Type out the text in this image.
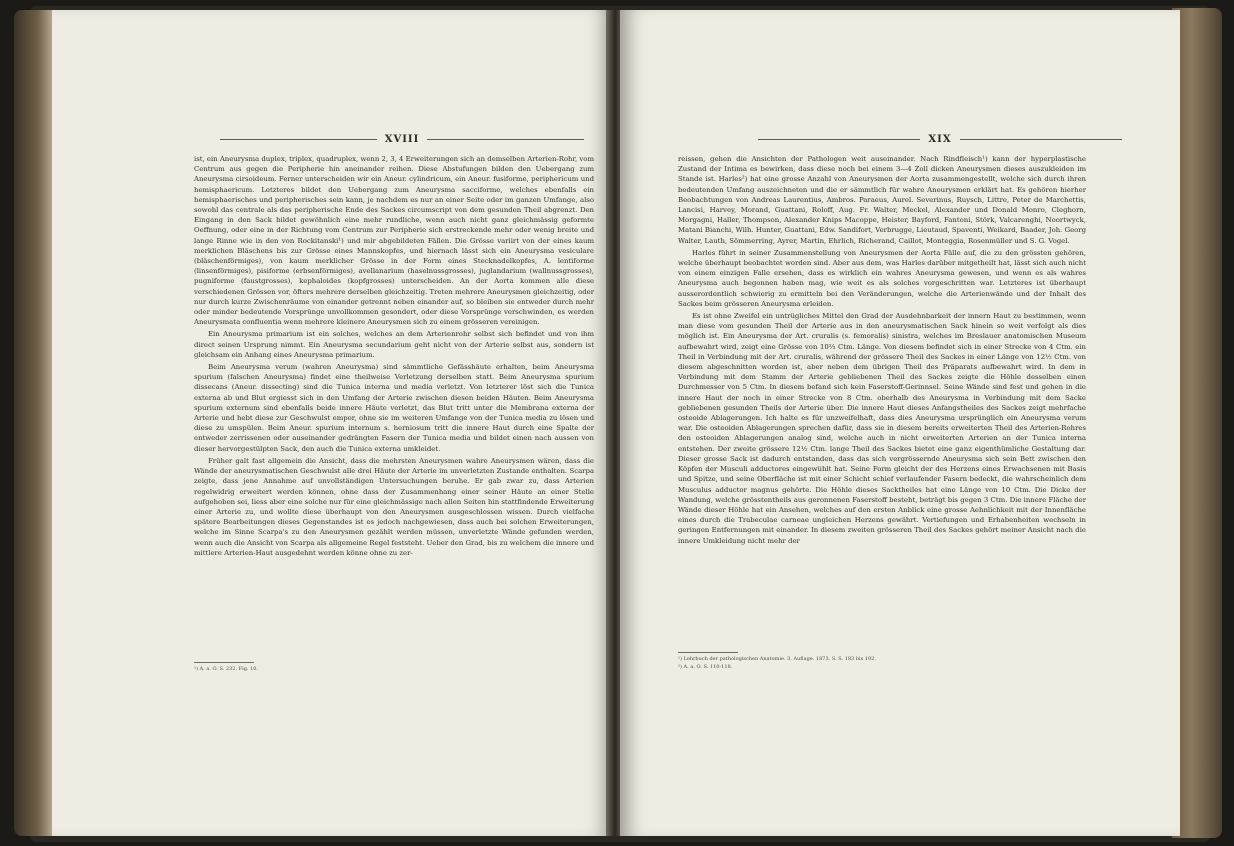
XVIII

ist, ein Aneurysma duplex, triplex, quadruplex, wenn 2, 3, 4 Erweiterungen sich an demselben Arterien-Rohr, vom Centrum aus gegen die Peripherie hin aneinander reihen. Diese Abstufungen bilden den Uebergang zum Aneurysma cirsoideum. Ferner unterscheiden wir ein Aneur. cylindricum, ein Aneur. fusiforme, periphericum und hemisphaericum. Letzteres bildet den Uebergang zum Aneurysma sacciforme, welches ebenfalls ein hemisphaerisches und peripherisches sein kann, je nachdem es nur an einer Seite oder im ganzen Umfange, also sowohl das centrale als das peripherische Ende des Sackes circumscript von dem gesunden Theil abgrenzt. Den Eingang in den Sack bildet gewöhnlich eine mehr rundliche, wenn auch nicht ganz gleichmässig geformte Oeffnung, oder eine in der Richtung vom Centrum zur Peripherie sich erstreckende mehr oder wenig breite und lange Rinne wie in den von Rockitanski¹) und mir abgebildeten Fällen. Die Grösse variirt von der eines kaum merklichen Bläschens bis zur Grösse eines Mannskopfes, und hiernach lässt sich ein Aneurysma vesiculare (bläschenförmiges), von kaum merklicher Grösse in der Form eines Stecknadelkopfes, A. lentiforme (linsenförmiges), pisiforme (erbsenförmiges), avellanarium (haselnussgrosses), juglandarium (wallnussgrosses), pugniforme (faustgrosses), kephaloides (kopfgrosses) unterscheiden. An der Aorta kommen alle diese verschiedenen Grössen vor, öfters mehrere derselben gleichzeitig. Treten mehrere Aneurysmen gleichzeitig, oder nur durch kurze Zwischenräume von einander getrennt neben einander auf, so bleiben sie entweder durch mehr oder minder bedeutende Vorsprünge unvollkommen gesondert, oder diese Vorsprünge verschwinden, es werden Aneurysmata confluentia wenn mehrere kleinere Aneurysmen sich zu einem grösseren vereinigen.

Ein Aneurysma primarium ist ein solches, welches an dem Arterienrohr selbst sich befindet und von ihm direct seinen Ursprung nimmt. Ein Aneurysma secundarium geht nicht von der Arterie selbst aus, sondern ist gleichsam ein Anhang eines Aneurysma primarium.

Beim Aneurysma verum (wahren Aneurysma) sind sämmtliche Gefässhäute erhalten, beim Aneurysma spurium (falschen Aneurysma) findet eine theilweise Verletzung derselben statt. Beim Aneurysma spurium dissecans (Aneur. dissecting) sind die Tunica interna und media verletzt. Von letzterer löst sich die Tunica externa ab und Blut ergiesst sich in den Umfang der Arterie zwischen diesen beiden Häuten. Beim Aneurysma spurium externum sind ebenfalls beide innere Häute verletzt, das Blut tritt unter die Membrana externa der Arterie und hebt diese zur Geschwulst empor, ohne sie im weiteren Umfange von der Tunica media zu lösen und diese zu umspülen. Beim Aneur. spurium internum s. herniosum tritt die innere Haut durch eine Spalte der entweder zerrissenen oder auseinander gedrängten Fasern der Tunica media und bildet einen nach aussen von dieser hervorgestülpten Sack, den auch die Tunica externa umkleidet.

Früher galt fast allgemein die Ansicht, dass die mehrsten Aneurysmen wahre Aneurysmen wären, dass die Wände der aneurysmatischen Geschwulst alle drei Häute der Arterie im unverletzten Zustande enthalten. Scarpa zeigte, dass jene Annahme auf unvollständigen Untersuchungen beruhe. Er gab zwar zu, dass Arterien regelwidrig erweitert werden können, ohne dass der Zusammenhang einer seiner Häute an einer Stelle aufgehoben sei, liess aber eine solche nur für eine gleichmässige nach allen Seiten hin stattfindende Erweiterung einer Arterie zu, und wollte diese überhaupt von den Aneurysmen ausgeschlossen wissen. Durch vielfache spätere Bearbeitungen dieses Gegenstandes ist es jedoch nachgewiesen, dass auch bei solchen Erweiterungen, welche im Sinne Scarpa's zu den Aneurysmen gezählt werden müssen, unverletzte Wände gefunden werden, wenn auch die Ansicht von Scarpa als allgemeine Regel feststeht. Ueber den Grad, bis zu welchem die innere und mittlere Arterien-Haut ausgedehnt werden könne ohne zu zer-

¹) A. a. O. S. 232. Fig. 10.
XIX

reissen, gehen die Ansichten der Pathologen weit auseinander. Nach Rindfleisch¹) kann der hyperplastische Zustand der Intima es bewirken, dass diese noch bei einem 3—4 Zoll dicken Aneurysmen dieses auszukleiden im Stande ist. Harles²) hat eine grosse Anzahl von Aneurysmen der Aorta zusammengestellt, welche sich durch ihren bedeutenden Umfang auszeichneten und die er sämmtlich für wahre Aneurysmen erklärt hat. Es gehören hierher Beobachtungen von Andreas Laurentius, Ambros. Paraeus, Aurel. Severinus, Ruysch, Littre, Peter de Marchettis, Lancisi, Harvey, Morand, Guattani, Roloff, Aug. Fr. Walter, Meckel, Alexander und Donald Monro, Cleghorn, Morgagni, Haller, Thompson, Alexander Knips Macoppe, Heister, Bayford, Fantoni, Störk, Valcarenghi, Noortwyck, Matani Bianchi, Wilh. Hunter, Guattani, Edw. Sandifort, Verbrugge, Lieutaud, Spaventi, Weikard, Baader, Joh. Georg Walter, Lauth, Sömmerring, Ayrer, Martin, Ehrlich, Richerand, Caillot, Monteggia, Rosenmüller und S. G. Vogel.

Harles führt in seiner Zusammenstellung von Aneurysmen der Aorta Fälle auf, die zu den grössten gehören, welche überhaupt beobachtet worden sind. Aber aus dem, was Harles darüber mitgetheilt hat, lässt sich auch nicht von einem einzigen Falle ersehen, dass es wirklich ein wahres Aneurysma gewesen, und wenn es als wahres Aneurysma auch begonnen haben mag, wie weit es als solches vorgeschritten war. Letzteres ist überhaupt ausserordentlich schwierig zu ermitteln bei den Veränderungen, welche die Arterienwände und der Inhalt des Sackes beim grösseren Aneurysma erleiden.

Es ist ohne Zweifel ein untrügliches Mittel den Grad der Ausdehnbarkeit der innern Haut zu bestimmen, wenn man diese vom gesunden Theil der Arterie aus in den aneurysmatischen Sack hinein so weit verfolgt als dies möglich ist. Ein Aneurysma der Art. cruralis (s. femoralis) sinistra, welches im Breslauer anatomischen Museum aufbewahrt wird, zeigt eine Grösse von 10⅔ Ctm. Länge. Von diesem befindet sich in einer Strecke von 4 Ctm. ein Theil in Verbindung mit der Art. cruralis, während der grössere Theil des Sackes in einer Länge von 12½ Ctm. von diesem abgeschnitten worden ist, aber neben dem übrigen Theil des Präparats aufbewahrt wird. In dem in Verbindung mit dem Stamm der Arterie gebliebenen Theil des Sackes zeigte die Höhle desselben einen Durchmesser von 5 Ctm. In diesem befand sich kein Faserstoff-Gerinnsel. Seine Wände sind fest und gehen in die innere Haut der noch in einer Strecke von 8 Ctm. oberhalb des Aneurysma in Verbindung mit dem Sacke gebliebenen gesunden Theils der Arterie über. Die innere Haut dieses Anfangstheiles des Sackes zeigt mehrfache osteoide Ablagerungen. Ich halte es für unzweifelhaft, dass dies Aneurysma ursprünglich ein Aneurysma verum war. Die osteoiden Ablagerungen sprechen dafür, dass sie in diesem bereits erweiterten Theil des Arterien-Rohres den osteoiden Ablagerungen analog sind, welche auch in nicht erweiterten Arterien an der Tunica interna entstehen. Der zweite grössere 12½ Ctm. lange Theil des Sackes bietet eine ganz eigenthümliche Gestaltung dar. Dieser grosse Sack ist dadurch entstanden, dass das sich vergrössernde Aneurysma sich sein Bett zwischen den Köpfen der Musculi adductores eingewühlt hat. Seine Form gleicht der des Herzens eines Erwachsenen mit Basis und Spitze, und seine Oberfläche ist mit einer Schicht schief verlaufender Fasern bedeckt, die wahrscheinlich dem Musculus adductor magnus gehörte. Die Höhle dieses Sacktheiles hat eine Länge von 10 Ctm. Die Dicke der Wandung, welche grösstentheils aus geronnenen Faserstoff besteht, beträgt bis gegen 3 Ctm. Die innere Fläche der Wände dieser Höhle hat ein Ansehen, welches auf den ersten Anblick eine grosse Aehnlichkeit mit der Innenfläche eines durch die Trabeculae carneae ungleichen Herzens gewährt. Vertiefungen und Erhabenheiten wechseln in geringen Entfernungen mit einander. In diesem zweiten grösseren Theil des Sackes gehört meiner Ansicht nach die innere Umkleidung nicht mehr der

¹) Lehrbuch der pathologischen Anatomie. 3. Auflage. 1873. S. S. 183 bis 192.
²) A. a. O. S. 110-118.
